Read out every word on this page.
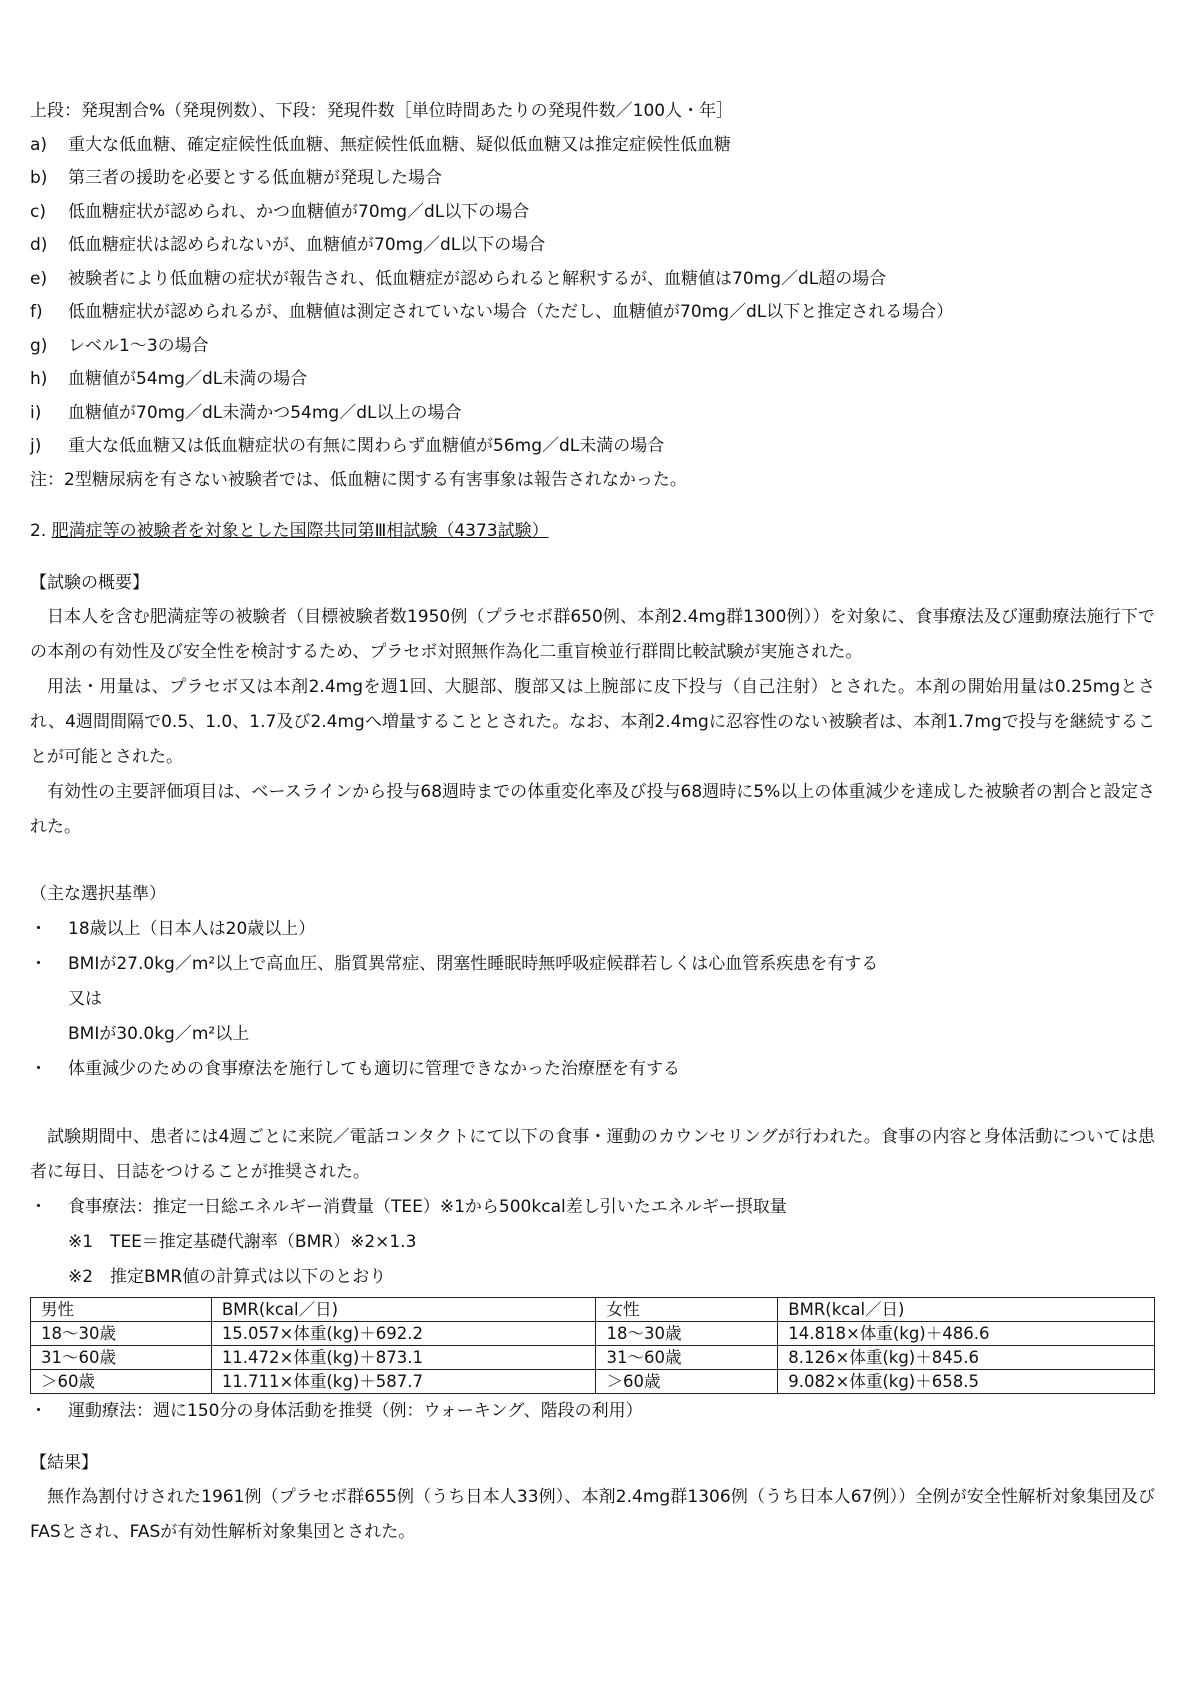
上段：発現割合%（発現例数）、下段：発現件数［単位時間あたりの発現件数／100人・年］
a)	重大な低血糖、確定症候性低血糖、無症候性低血糖、疑似低血糖又は推定症候性低血糖
b)	第三者の援助を必要とする低血糖が発現した場合
c)	低血糖症状が認められ、かつ血糖値が70mg／dL以下の場合
d)	低血糖症状は認められないが、血糖値が70mg／dL以下の場合
e)	被験者により低血糖の症状が報告され、低血糖症が認められると解釈するが、血糖値は70mg／dL超の場合
f)	低血糖症状が認められるが、血糖値は測定されていない場合（ただし、血糖値が70mg／dL以下と推定される場合）
g)	レベル1～3の場合
h)	血糖値が54mg／dL未満の場合
i)	血糖値が70mg／dL未満かつ54mg／dL以上の場合
j)	重大な低血糖又は低血糖症状の有無に関わらず血糖値が56mg／dL未満の場合
注：2型糖尿病を有さない被験者では、低血糖に関する有害事象は報告されなかった。
2. 肥満症等の被験者を対象とした国際共同第Ⅲ相試験（4373試験）
【試験の概要】

日本人を含む肥満症等の被験者（目標被験者数1950例（プラセボ群650例、本剤2.4mg群1300例））を対象に、食事療法及び運動療法施行下での本剤の有効性及び安全性を検討するため、プラセボ対照無作為化二重盲検並行群間比較試験が実施された。

用法・用量は、プラセボ又は本剤2.4mgを週1回、大腿部、腹部又は上腕部に皮下投与（自己注射）とされた。本剤の開始用量は0.25mgとされ、4週間間隔で0.5、1.0、1.7及び2.4mgへ増量することとされた。なお、本剤2.4mgに忍容性のない被験者は、本剤1.7mgで投与を継続することが可能とされた。

有効性の主要評価項目は、ベースラインから投与68週時までの体重変化率及び投与68週時に5%以上の体重減少を達成した被験者の割合と設定された。

（主な選択基準）
・	18歳以上（日本人は20歳以上）
・	BMIが27.0kg／m²以上で高血圧、脂質異常症、閉塞性睡眠時無呼吸症候群若しくは心血管系疾患を有する
又は
BMIが30.0kg／m²以上
・	体重減少のための食事療法を施行しても適切に管理できなかった治療歴を有する

試験期間中、患者には4週ごとに来院／電話コンタクトにて以下の食事・運動のカウンセリングが行われた。食事の内容と身体活動については患者に毎日、日誌をつけることが推奨された。

・	食事療法：推定一日総エネルギー消費量（TEE）※1から500kcal差し引いたエネルギー摂取量
※1　TEE＝推定基礎代謝率（BMR）※2×1.3
※2　推定BMR値の計算式は以下のとおり
男性	BMR(kcal／日)	女性	BMR(kcal／日)
18～30歳	15.057×体重(kg)＋692.2	18～30歳	14.818×体重(kg)＋486.6
31～60歳	11.472×体重(kg)＋873.1	31～60歳	8.126×体重(kg)＋845.6
＞60歳	11.711×体重(kg)＋587.7	＞60歳	9.082×体重(kg)＋658.5
・	運動療法：週に150分の身体活動を推奨（例：ウォーキング、階段の利用）
【結果】

無作為割付けされた1961例（プラセボ群655例（うち日本人33例）、本剤2.4mg群1306例（うち日本人67例））全例が安全性解析対象集団及びFASとされ、FASが有効性解析対象集団とされた。
